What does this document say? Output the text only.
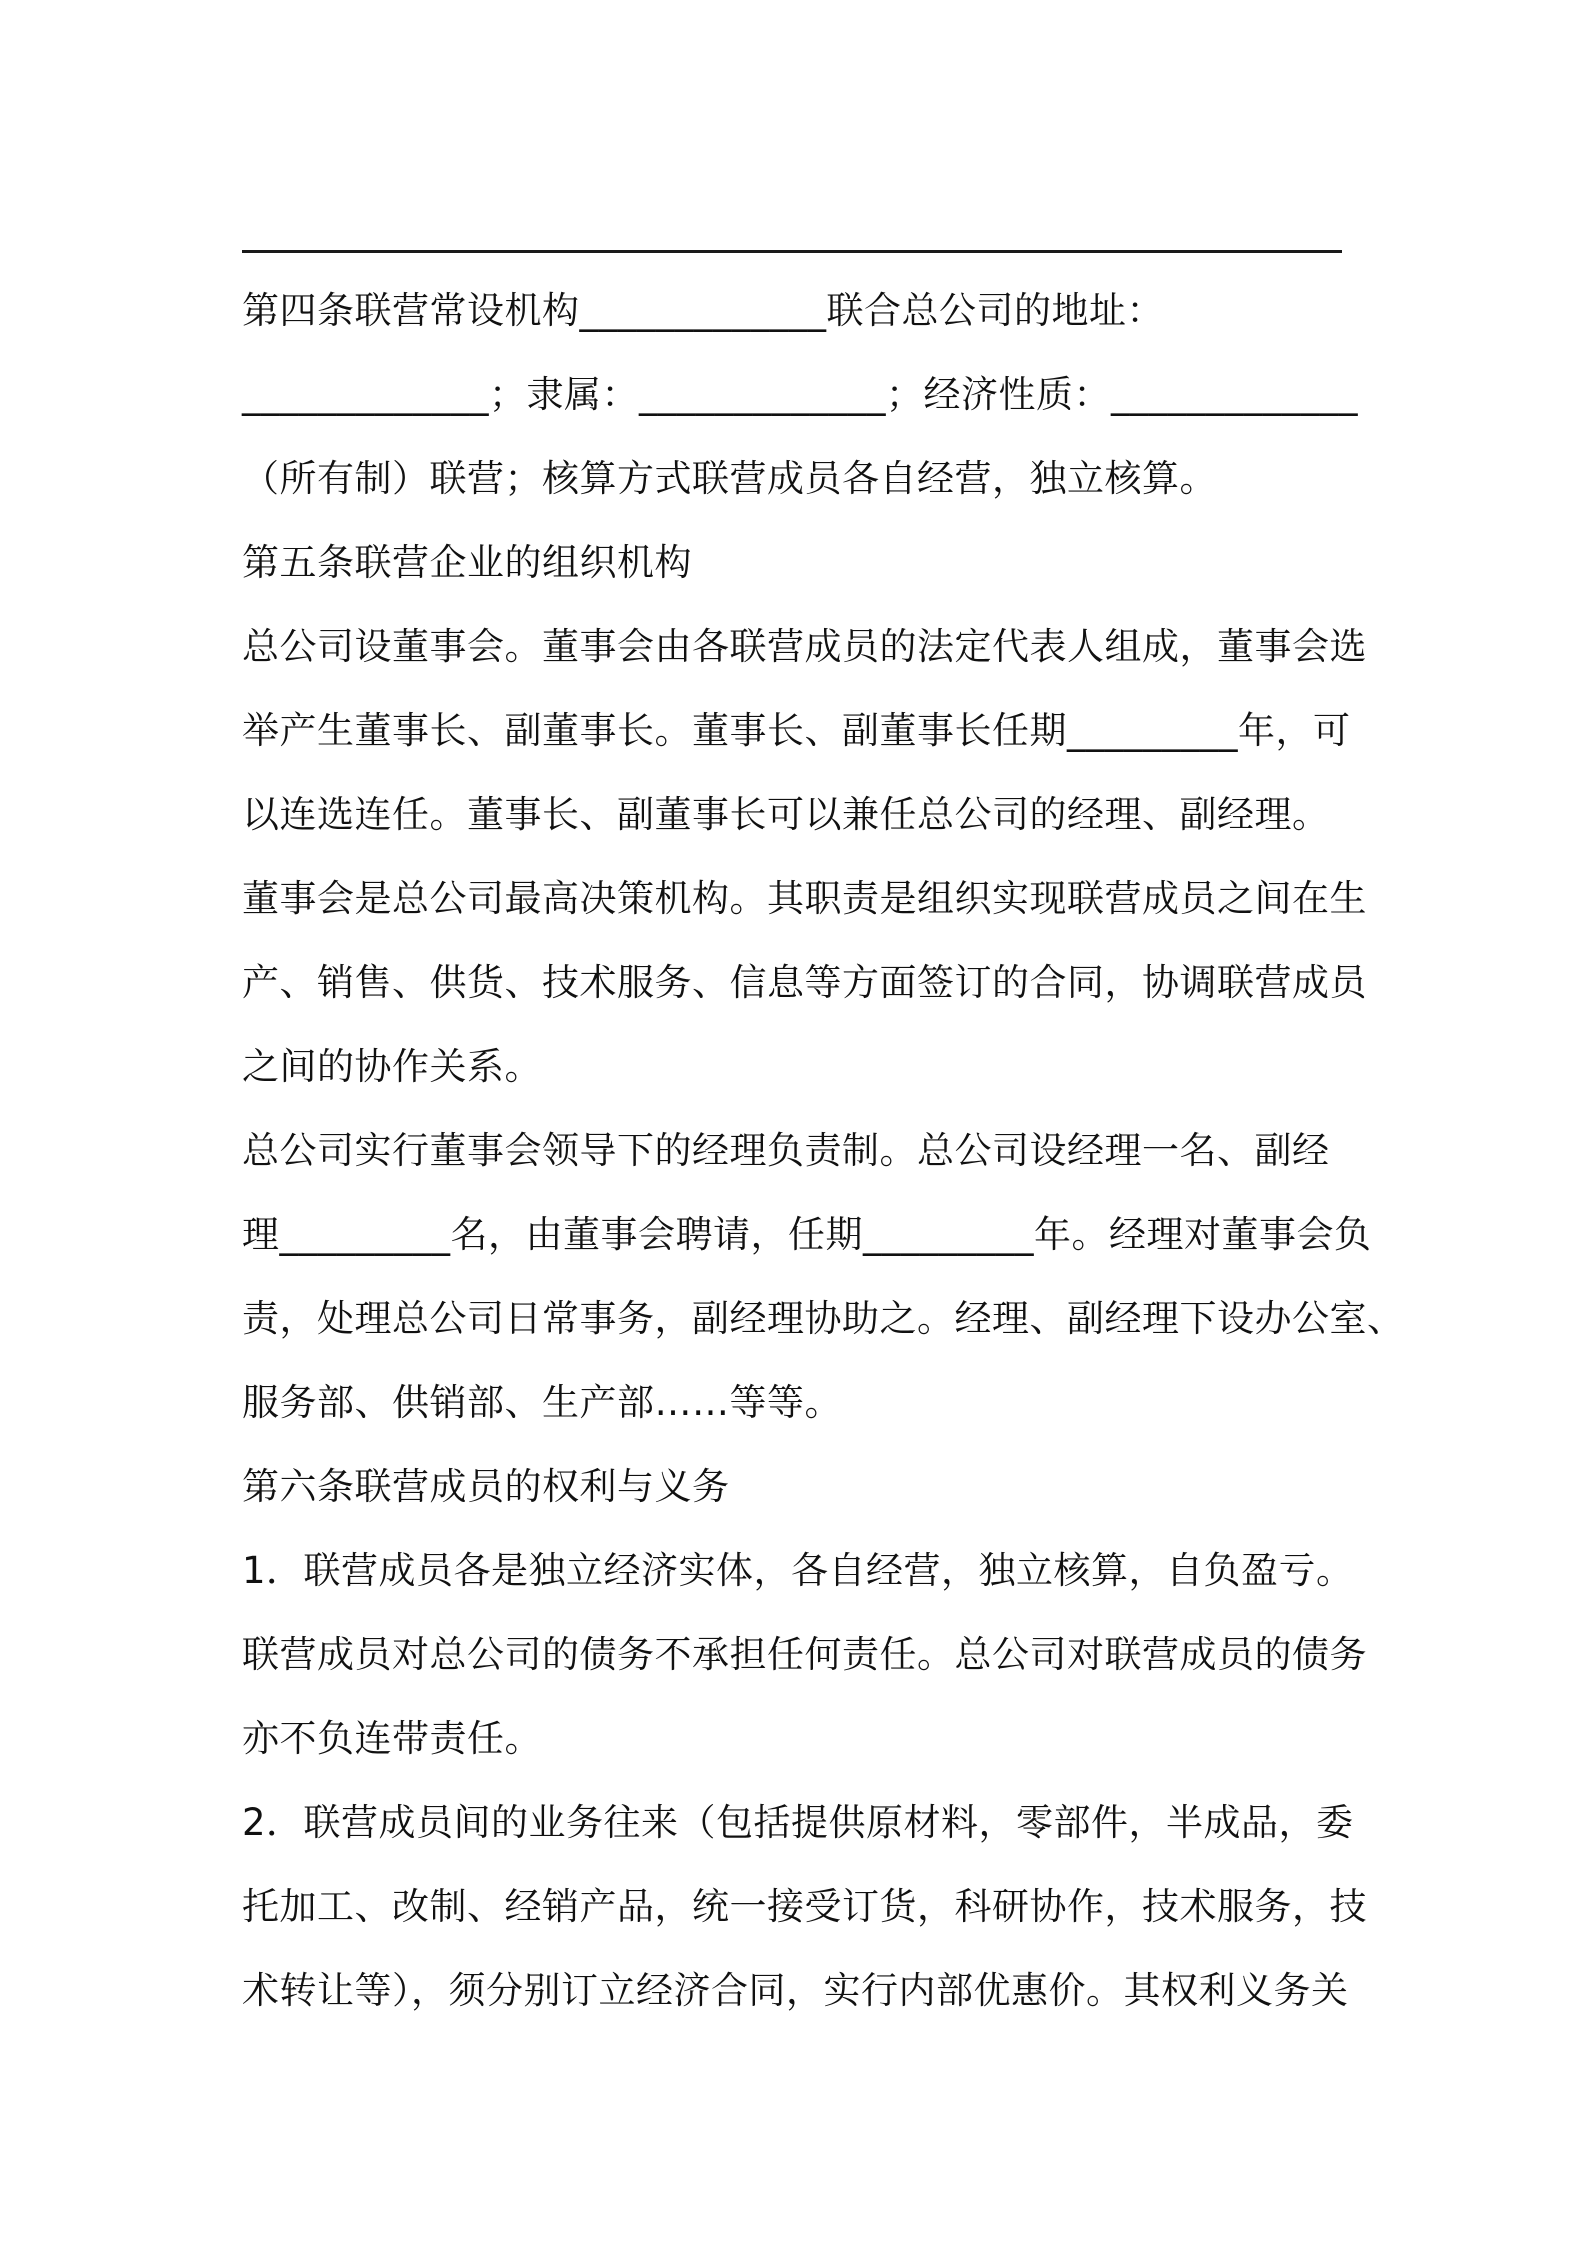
第四条联营常设机构_____________联合总公司的地址：
_____________；隶属：_____________；经济性质：_____________
（所有制）联营；核算方式联营成员各自经营，独立核算。
第五条联营企业的组织机构
总公司设董事会。董事会由各联营成员的法定代表人组成，董事会选
举产生董事长、副董事长。董事长、副董事长任期_________年，可
以连选连任。董事长、副董事长可以兼任总公司的经理、副经理。
董事会是总公司最高决策机构。其职责是组织实现联营成员之间在生
产、销售、供货、技术服务、信息等方面签订的合同，协调联营成员
之间的协作关系。
总公司实行董事会领导下的经理负责制。总公司设经理一名、副经
理_________名，由董事会聘请，任期_________年。经理对董事会负
责，处理总公司日常事务，副经理协助之。经理、副经理下设办公室、
服务部、供销部、生产部……等等。
第六条联营成员的权利与义务
1．联营成员各是独立经济实体，各自经营，独立核算，自负盈亏。
联营成员对总公司的债务不承担任何责任。总公司对联营成员的债务
亦不负连带责任。
2．联营成员间的业务往来（包括提供原材料，零部件，半成品，委
托加工、改制、经销产品，统一接受订货，科研协作，技术服务，技
术转让等），须分别订立经济合同，实行内部优惠价。其权利义务关
